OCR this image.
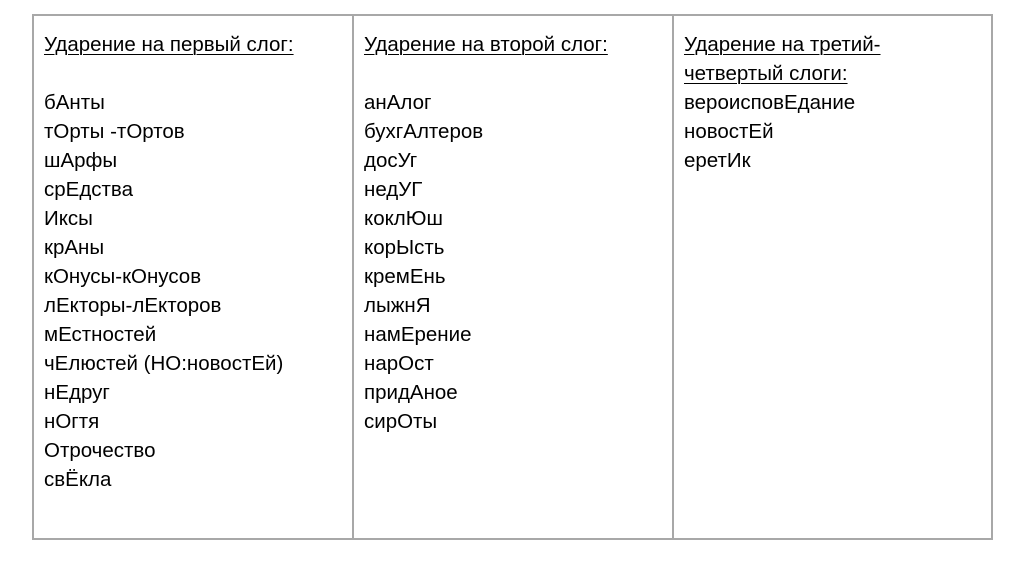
Ударение на первый слог:
бАнты
тОрты -тОртов
шАрфы
срЕдства
Иксы
крАны
кОнусы-кОнусов
лЕкторы-лЕкторов
мЕстностей
чЕлюстей (НО:новостЕй)
нЕдруг
нОгтя
Отрочество
свЁкла
Ударение на второй слог:
анАлог
бухгАлтеров
досУг
недУГ
коклЮш
корЫсть
кремЕнь
лыжнЯ
намЕрение
нарОст
придАное
сирОты
Ударение на третий-
четвертый слоги:
вероисповЕдание
новостЕй
еретИк
